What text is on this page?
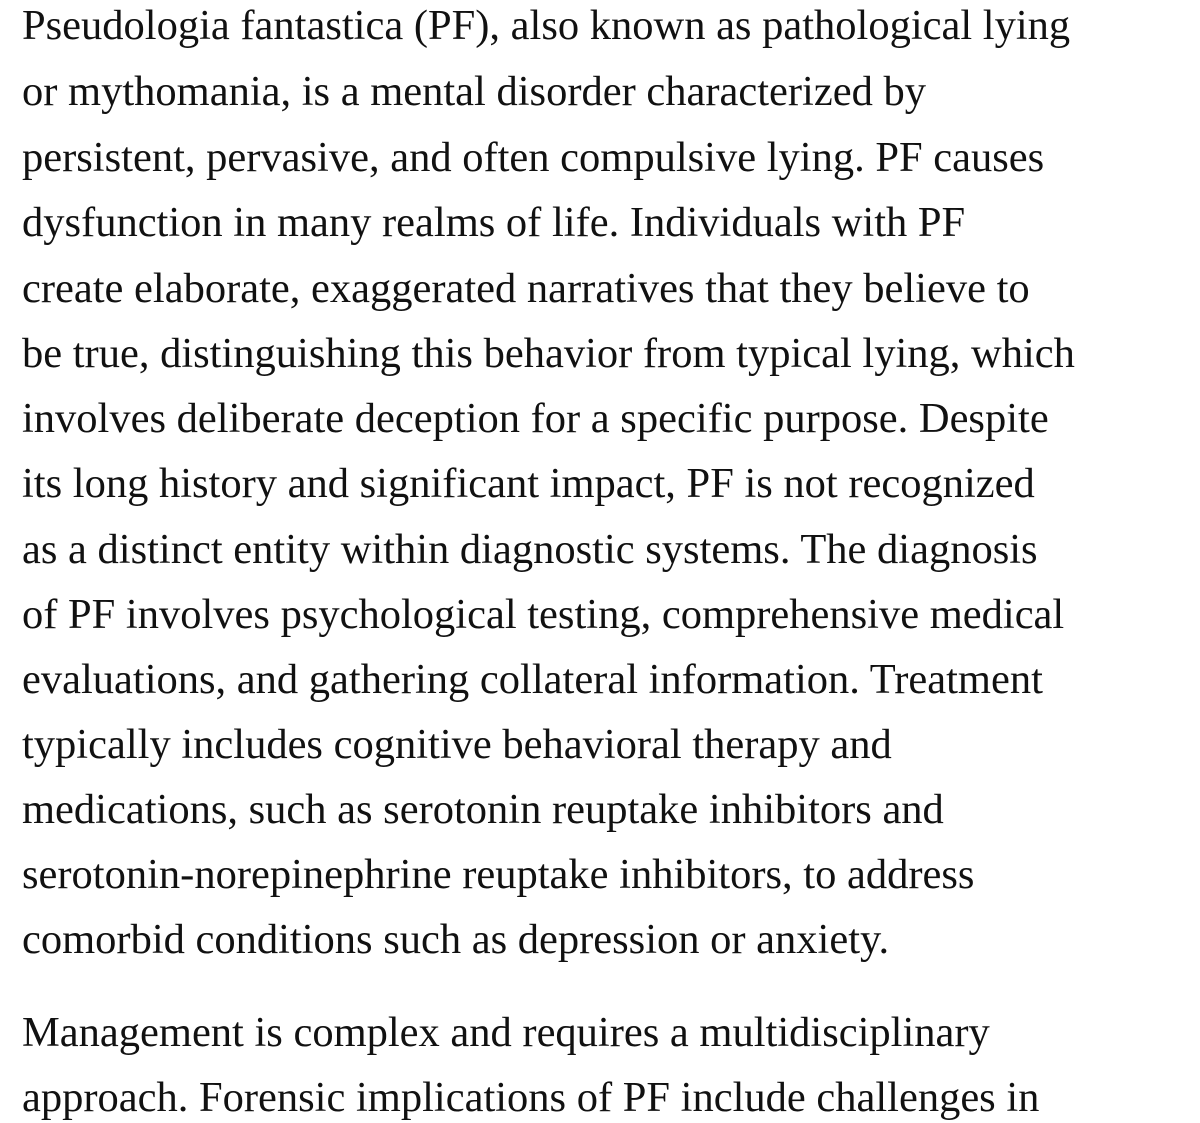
Pseudologia fantastica (PF), also known as pathological lying
or mythomania, is a mental disorder characterized by
persistent, pervasive, and often compulsive lying. PF causes
dysfunction in many realms of life. Individuals with PF
create elaborate, exaggerated narratives that they believe to
be true, distinguishing this behavior from typical lying, which
involves deliberate deception for a specific purpose. Despite
its long history and significant impact, PF is not recognized
as a distinct entity within diagnostic systems. The diagnosis
of PF involves psychological testing, comprehensive medical
evaluations, and gathering collateral information. Treatment
typically includes cognitive behavioral therapy and
medications, such as serotonin reuptake inhibitors and
serotonin-norepinephrine reuptake inhibitors, to address
comorbid conditions such as depression or anxiety.
Management is complex and requires a multidisciplinary
approach. Forensic implications of PF include challenges in
